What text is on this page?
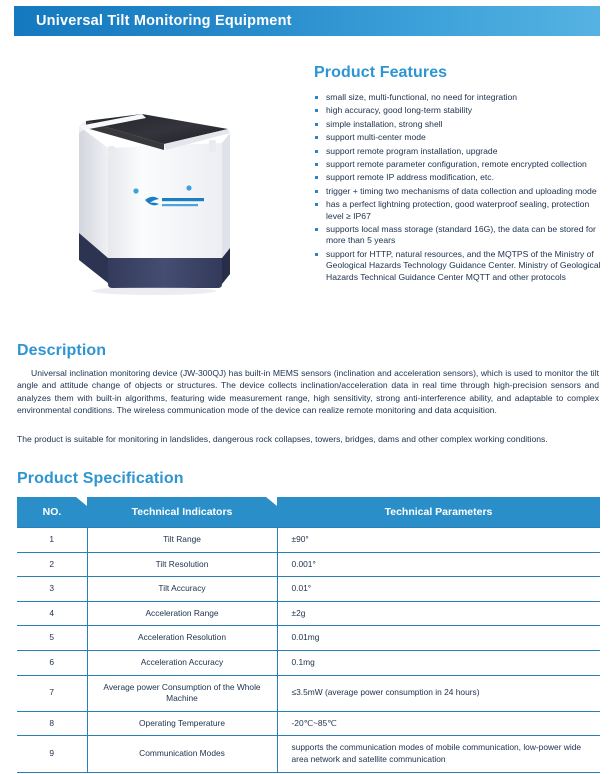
Universal Tilt Monitoring Equipment
Product Features
small size, multi-functional, no need for integration
high accuracy, good long-term stability
simple installation, strong shell
support multi-center mode
support remote program installation, upgrade
support remote parameter configuration, remote encrypted collection
support remote IP address modification, etc.
trigger + timing two mechanisms of data collection and uploading mode
has a perfect lightning protection, good waterproof sealing, protection level ≥ IP67
supports local mass storage (standard 16G), the data can be stored for more than 5 years
support for HTTP, natural resources, and the MQTPS of the Ministry of Geological Hazards Technology Guidance Center. Ministry of Geological Hazards Technical Guidance Center MQTT and other protocols
Description

Universal inclination monitoring device (JW-300QJ) has built-in MEMS sensors (inclination and acceleration sensors), which is used to monitor the tilt angle and attitude change of objects or structures. The device collects inclination/acceleration data in real time through high-precision sensors and analyzes them with built-in algorithms, featuring wide measurement range, high sensitivity, strong anti-interference ability, and adaptable to complex environmental conditions. The wireless communication mode of the device can realize remote monitoring and data acquisition.

The product is suitable for monitoring in landslides, dangerous rock collapses, towers, bridges, dams and other complex working conditions.

Product Specification
NO.	Technical Indicators	Technical Parameters
1	Tilt Range	±90°
2	Tilt Resolution	0.001°
3	Tilt Accuracy	0.01°
4	Acceleration Range	±2g
5	Acceleration Resolution	0.01mg
6	Acceleration Accuracy	0.1mg
7	Average power Consumption of the Whole Machine	≤3.5mW (average power consumption in 24 hours)
8	Operating Temperature	-20℃~85℃
9	Communication Modes	supports the communication modes of mobile communication, low-power wide area network and satellite communication
